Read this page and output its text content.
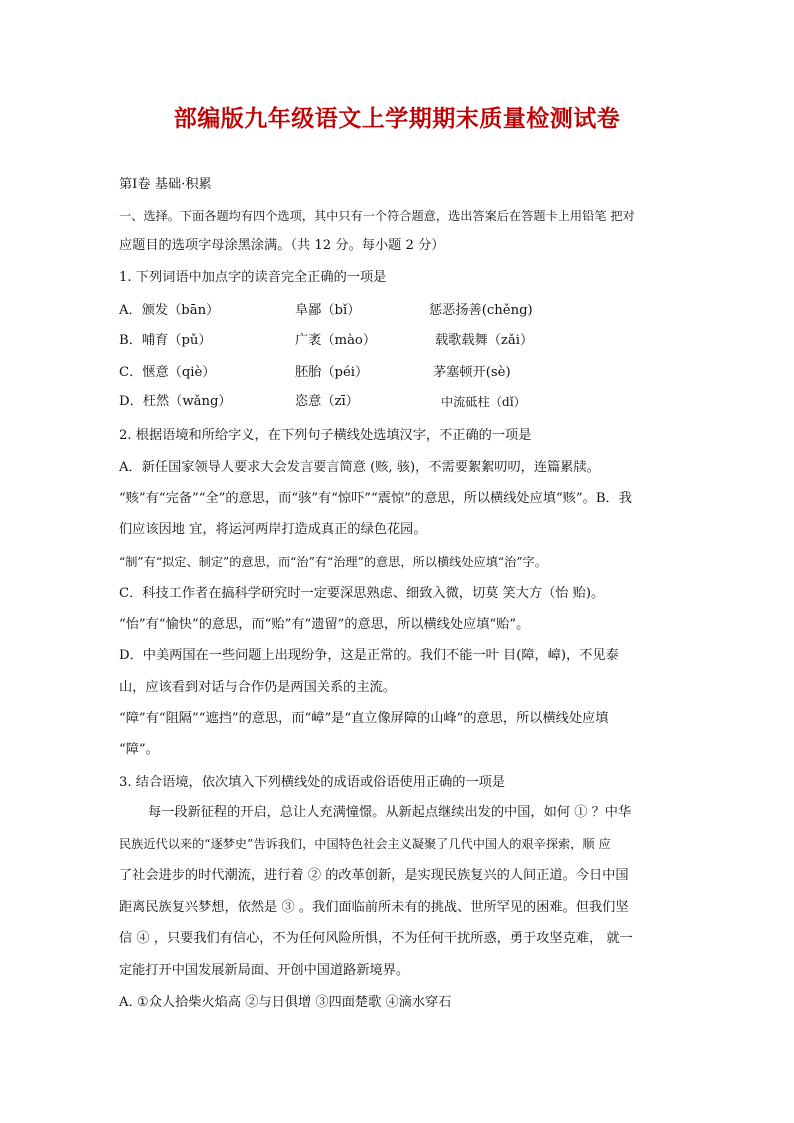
部编版九年级语文上学期期末质量检测试卷
第Ⅰ卷 基础·积累
一、选择。下面各题均有四个选项，其中只有一个符合题意，选出答案后在答题卡上用铅笔 把对
应题目的选项字母涂黑涂满。（共 12 分。每小题 2 分）
1. 下列词语中加点字的读音完全正确的一项是
A．颁发（bān）	阜鄙（bǐ）	惩恶扬善(chěng)
B．哺育（pǔ）	广袤（mào）	载歌载舞（zǎi）
C．惬意（qiè）	胚胎（péi）	茅塞顿开(sè)
D．枉然（wǎng）	恣意（zī）	中流砥柱（dǐ）
2. 根据语境和所给字义，在下列句子横线处选填汉字，不正确的一项是
A．新任国家领导人要求大会发言要言简意 (赅, 骇)，不需要絮絮叨叨，连篇累牍。
“赅”有“完备”“全”的意思，而“骇”有“惊吓”“震惊”的意思，所以横线处应填“赅”。B．我
们应该因地 宜，将运河两岸打造成真正的绿色花园。
“制”有“拟定、制定”的意思，而“治”有“治理”的意思，所以横线处应填“治”字。
C．科技工作者在搞科学研究时一定要深思熟虑、细致入微，切莫 笑大方（怡 贻)。
“怡”有“愉快”的意思，而“贻”有“遗留”的意思，所以横线处应填“贻”。
D．中美两国在一些问题上出现纷争，这是正常的。我们不能一叶 目(障，嶂)，不见泰
山，应该看到对话与合作仍是两国关系的主流。
“障”有“阻隔”“遮挡”的意思，而“嶂”是“直立像屏障的山峰”的意思，所以横线处应填
“障”。
3. 结合语境，依次填入下列横线处的成语或俗语使用正确的一项是
每一段新征程的开启，总让人充满憧憬。从新起点继续出发的中国，如何 ① ？中华
民族近代以来的“逐梦史”告诉我们，中国特色社会主义凝聚了几代中国人的艰辛探索，顺 应
了社会进步的时代潮流，进行着 ② 的改革创新，是实现民族复兴的人间正道。今日中国
距离民族复兴梦想，依然是 ③ 。我们面临前所未有的挑战、世所罕见的困难。但我们坚
信 ④ ，只要我们有信心，不为任何风险所惧，不为任何干扰所惑，勇于攻坚克难， 就一
定能打开中国发展新局面、开创中国道路新境界。
A. ①众人拾柴火焰高 ②与日俱增 ③四面楚歌 ④滴水穿石
